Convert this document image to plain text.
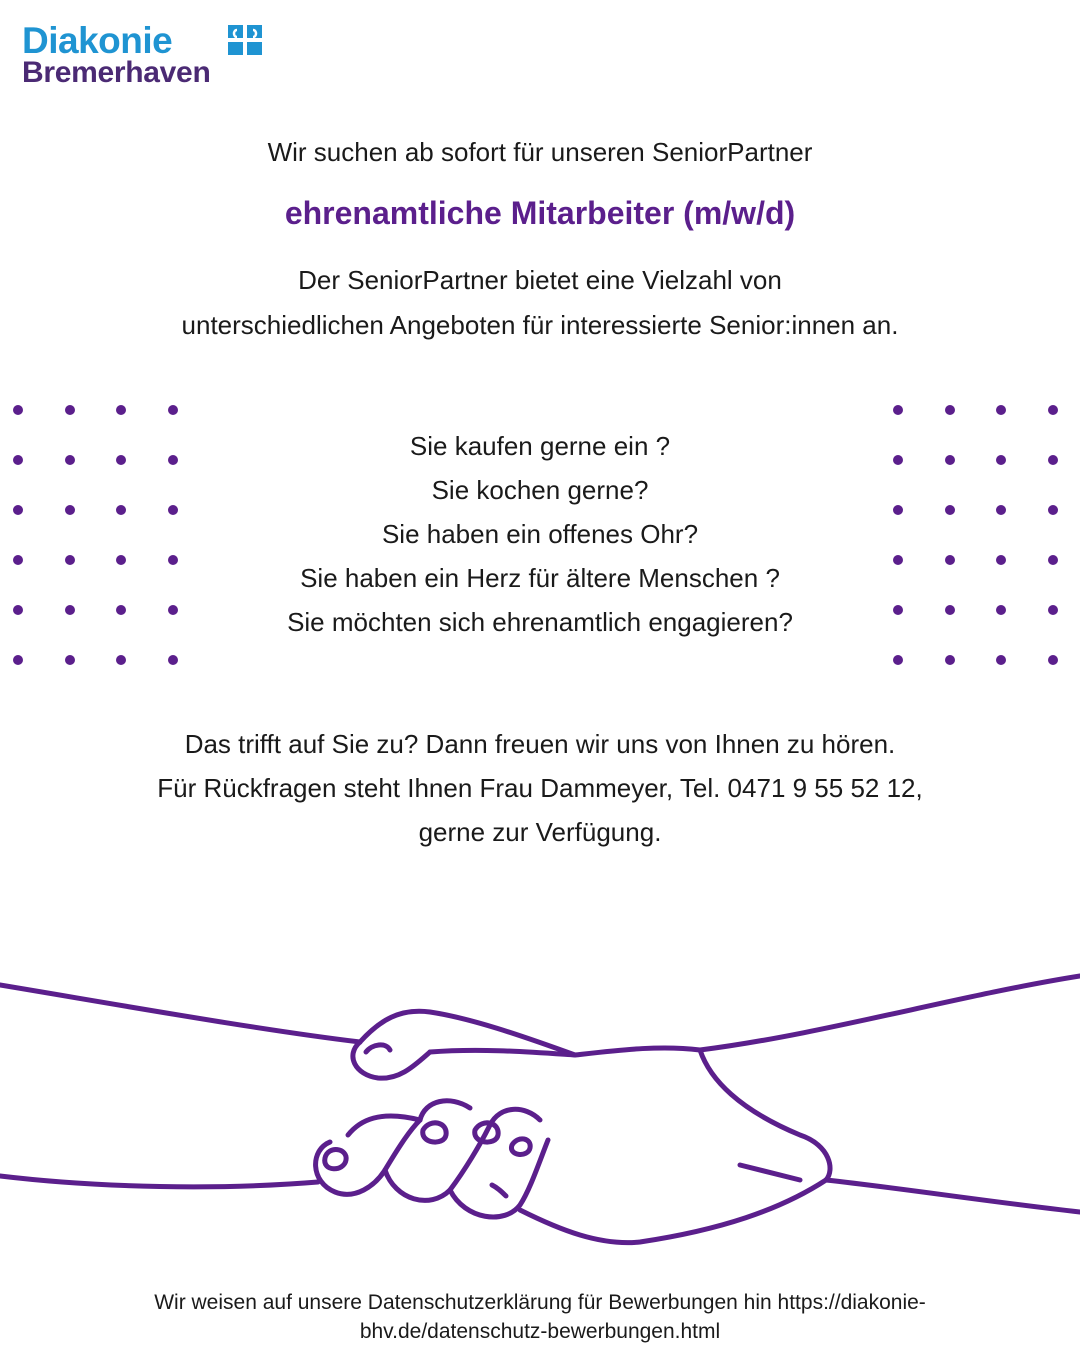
Diakonie
Bremerhaven
Wir suchen ab sofort für unseren SeniorPartner
ehrenamtliche Mitarbeiter (m/w/d)
Der SeniorPartner bietet eine Vielzahl von
unterschiedlichen Angeboten für interessierte Senior:innen an.
Sie kaufen gerne ein ?
Sie kochen gerne?
Sie haben ein offenes Ohr?
Sie haben ein Herz für ältere Menschen ?
Sie möchten sich ehrenamtlich engagieren?
Das trifft auf Sie zu? Dann freuen wir uns von Ihnen zu hören.
Für Rückfragen steht Ihnen Frau Dammeyer, Tel. 0471 9 55 52 12,
gerne zur Verfügung.
Wir weisen auf unsere Datenschutzerklärung für Bewerbungen hin https://diakonie-
bhv.de/datenschutz-bewerbungen.html
